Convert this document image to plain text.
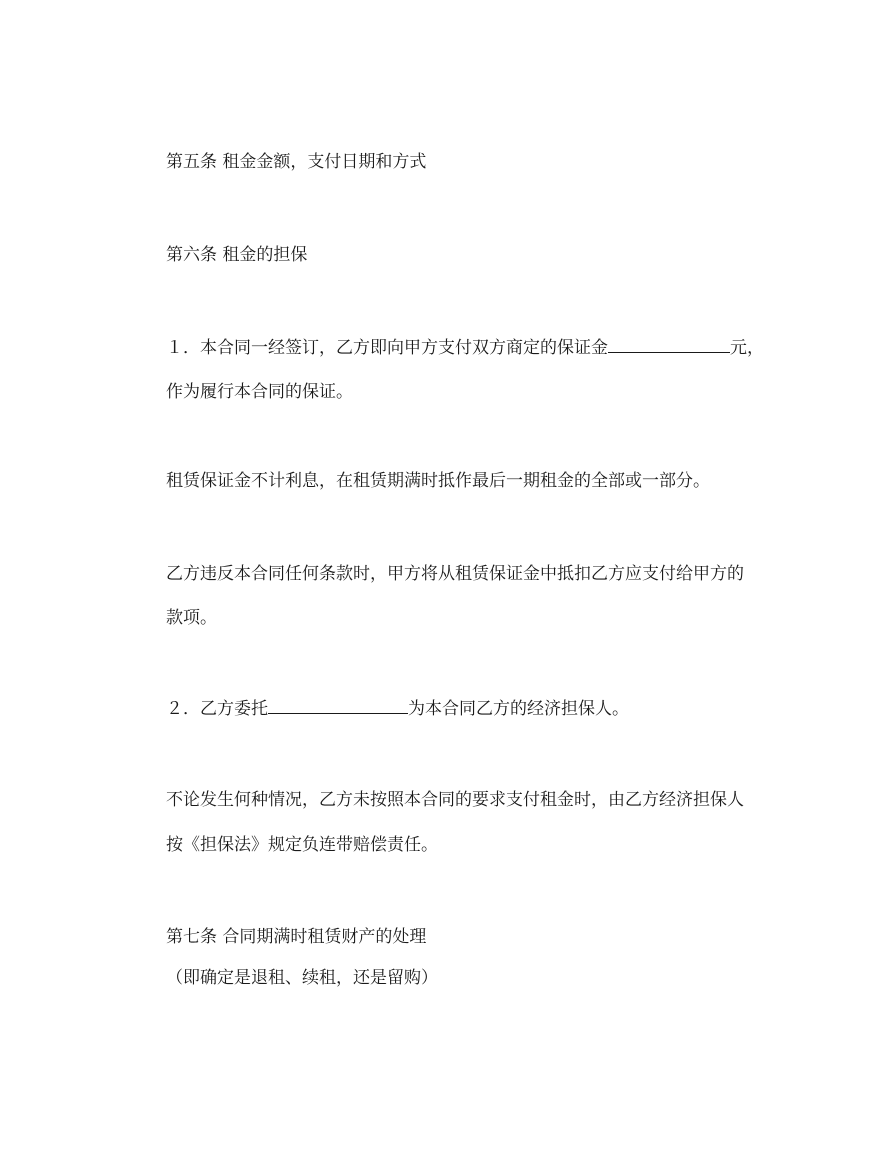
第五条 租金金额，支付日期和方式
第六条 租金的担保
１．本合同一经签订，乙方即向甲方支付双方商定的保证金	元，
作为履行本合同的保证。
租赁保证金不计利息，在租赁期满时抵作最后一期租金的全部或一部分。
乙方违反本合同任何条款时，甲方将从租赁保证金中抵扣乙方应支付给甲方的
款项。
２．乙方委托	为本合同乙方的经济担保人。
不论发生何种情况，乙方未按照本合同的要求支付租金时，由乙方经济担保人
按《担保法》规定负连带赔偿责任。
第七条 合同期满时租赁财产的处理
（即确定是退租、续租，还是留购）
